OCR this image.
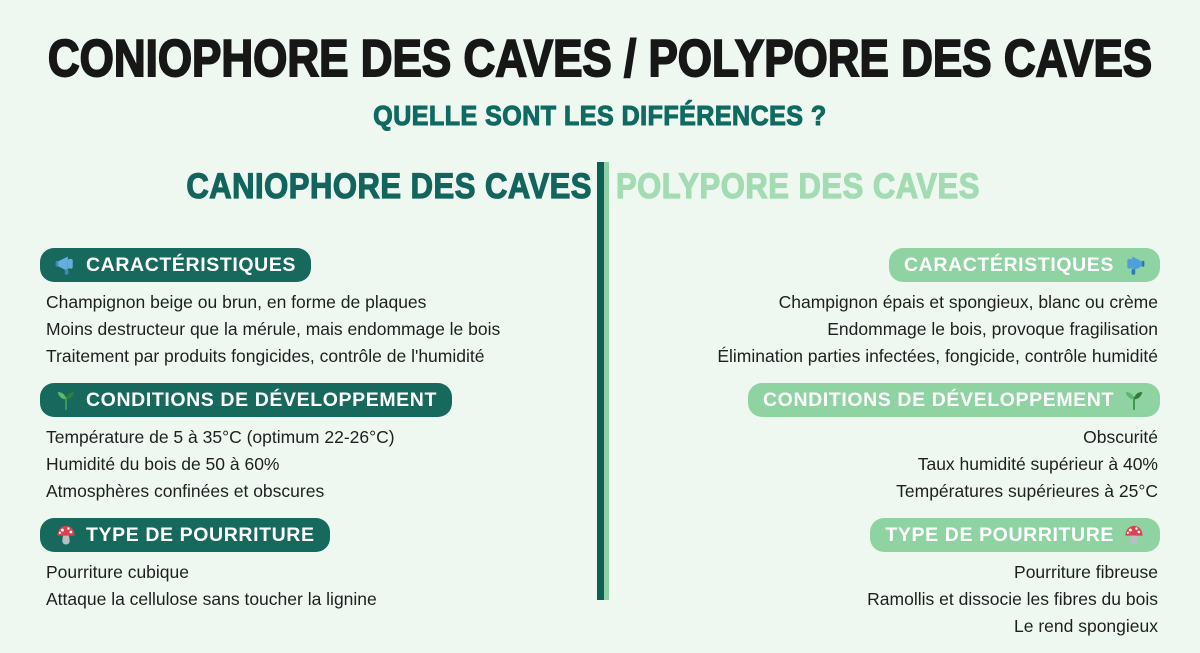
CONIOPHORE DES CAVES / POLYPORE DES CAVES
QUELLE SONT LES DIFFÉRENCES ?
CANIOPHORE DES CAVES
CARACTÉRISTIQUES
Champignon beige ou brun, en forme de plaques
Moins destructeur que la mérule, mais endommage le bois
Traitement par produits fongicides, contrôle de l'humidité
CONDITIONS DE DÉVELOPPEMENT
Température de 5 à 35°C (optimum 22-26°C)
Humidité du bois de 50 à 60%
Atmosphères confinées et obscures
TYPE DE POURRITURE
Pourriture cubique
Attaque la cellulose sans toucher la lignine
POLYPORE DES CAVES
CARACTÉRISTIQUES
Champignon épais et spongieux, blanc ou crème
Endommage le bois, provoque fragilisation
Élimination parties infectées, fongicide, contrôle humidité
CONDITIONS DE DÉVELOPPEMENT
Obscurité
Taux humidité supérieur à 40%
Températures supérieures à 25°C
TYPE DE POURRITURE
Pourriture fibreuse
Ramollis et dissocie les fibres du bois
Le rend spongieux
